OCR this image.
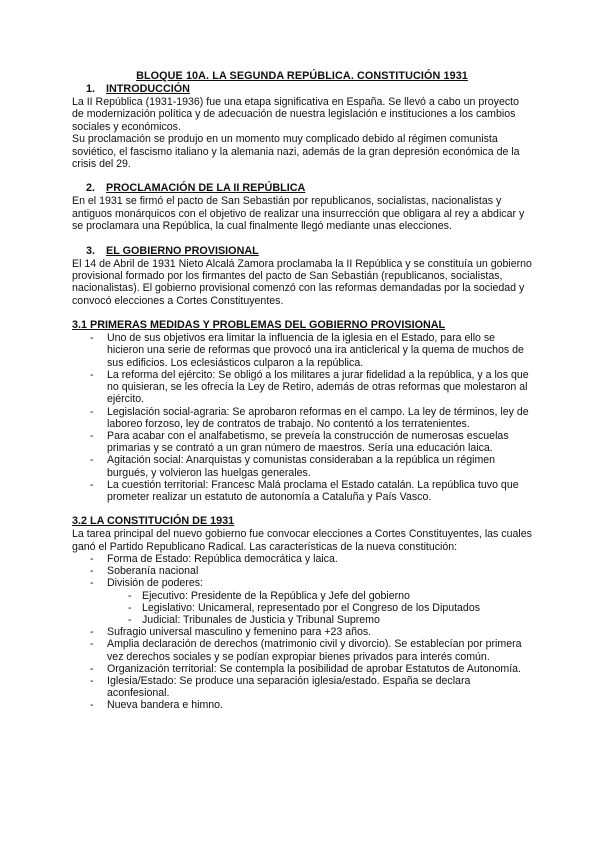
BLOQUE 10A. LA SEGUNDA REPÚBLICA. CONSTITUCIÓN 1931
1.	INTRODUCCIÓN

La II República (1931-1936) fue una etapa significativa en España. Se llevó a cabo un proyecto de modernización política y de adecuación de nuestra legislación e instituciones a los cambios sociales y económicos.

Su proclamación se produjo en un momento muy complicado debido al régimen comunista soviético, el fascismo italiano y la alemania nazi, además de la gran depresión económica de la crisis del 29.

2.	PROCLAMACIÓN DE LA II REPÚBLICA

En el 1931 se firmó el pacto de San Sebastián por republicanos, socialistas, nacionalistas y antiguos monárquicos con el objetivo de realizar una insurrección que obligara al rey a abdicar y se proclamara una República, la cual finalmente llegó mediante unas elecciones.

3.	EL GOBIERNO PROVISIONAL

El 14 de Abril de 1931 Nieto Alcalá Zamora proclamaba la II República y se constituía un gobierno provisional formado por los firmantes del pacto de San Sebastián (republicanos, socialistas, nacionalistas). El gobierno provisional comenzó con las reformas demandadas por la sociedad y convocó elecciones a Cortes Constituyentes.

3.1 PRIMERAS MEDIDAS Y PROBLEMAS DEL GOBIERNO PROVISIONAL
- Uno de sus objetivos era limitar la influencia de la iglesia en el Estado, para ello se hicieron una serie de reformas que provocó una ira anticlerical y la quema de muchos de sus edificios. Los eclesiásticos culparon a la república.
- La reforma del ejército: Se obligó a los militares a jurar fidelidad a la república, y a los que no quisieran, se les ofrecía la Ley de Retiro, además de otras reformas que molestaron al ejército.
- Legislación social-agraria: Se aprobaron reformas en el campo. La ley de términos, ley de laboreo forzoso, ley de contratos de trabajo. No contentó a los terratenientes.
- Para acabar con el analfabetismo, se preveía la construcción de numerosas escuelas primarias y se contrató a un gran número de maestros. Sería una educación laica.
- Agitación social: Anarquistas y comunistas consideraban a la república un régimen burgués, y volvieron las huelgas generales.
- La cuestión territorial: Francesc Malá proclama el Estado catalán. La república tuvo que prometer realizar un estatuto de autonomía a Cataluña y País Vasco.
3.2 LA CONSTITUCIÓN DE 1931

La tarea principal del nuevo gobierno fue convocar elecciones a Cortes Constituyentes, las cuales ganó el Partido Republicano Radical. Las características de la nueva constitución:

- Forma de Estado: República democrática y laica.
- Soberanía nacional
- División de poderes:
- Ejecutivo: Presidente de la República y Jefe del gobierno
- Legislativo: Unicameral, representado por el Congreso de los Diputados
- Judicial: Tribunales de Justicia y Tribunal Supremo
- Sufragio universal masculino y femenino para +23 años.
- Amplia declaración de derechos (matrimonio civil y divorcio). Se establecían por primera vez derechos sociales y se podían expropiar bienes privados para interés común.
- Organización territorial: Se contempla la posibilidad de aprobar Estatutos de Autonomía.
- Iglesia/Estado: Se produce una separación iglesia/estado. España se declara aconfesional.
- Nueva bandera e himno.
